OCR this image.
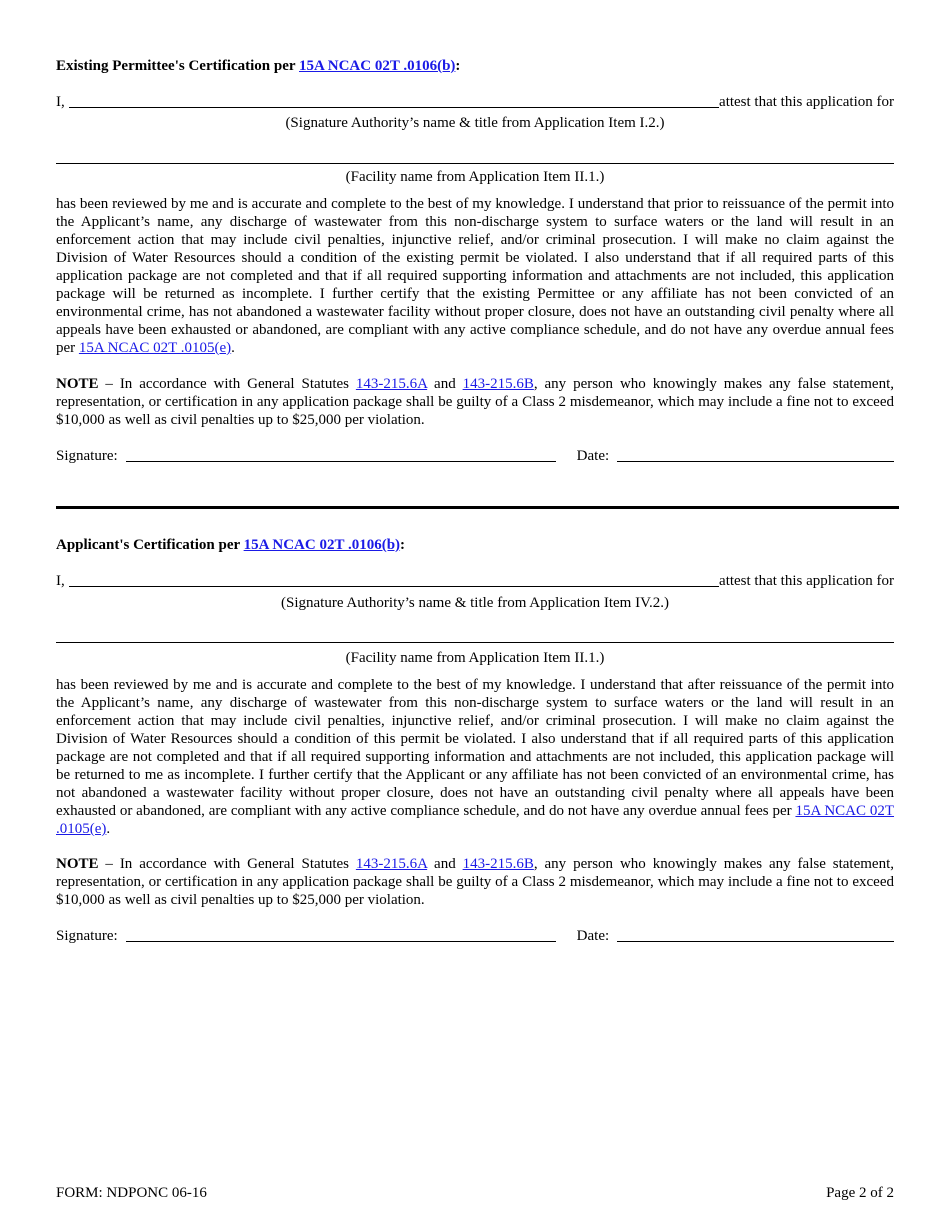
Existing Permittee's Certification per 15A NCAC 02T .0106(b):
I,	attest that this application for
(Signature Authority’s name & title from Application Item I.2.)
(Facility name from Application Item II.1.)
has been reviewed by me and is accurate and complete to the best of my knowledge. I understand that prior to reissuance of the permit into the Applicant’s name, any discharge of wastewater from this non-discharge system to surface waters or the land will result in an enforcement action that may include civil penalties, injunctive relief, and/or criminal prosecution. I will make no claim against the Division of Water Resources should a condition of the existing permit be violated. I also understand that if all required parts of this application package are not completed and that if all required supporting information and attachments are not included, this application package will be returned as incomplete. I further certify that the existing Permittee or any affiliate has not been convicted of an environmental crime, has not abandoned a wastewater facility without proper closure, does not have an outstanding civil penalty where all appeals have been exhausted or abandoned, are compliant with any active compliance schedule, and do not have any overdue annual fees per 15A NCAC 02T .0105(e).
NOTE – In accordance with General Statutes 143-215.6A and 143-215.6B, any person who knowingly makes any false statement, representation, or certification in any application package shall be guilty of a Class 2 misdemeanor, which may include a fine not to exceed $10,000 as well as civil penalties up to $25,000 per violation.
Signature:	Date:
Applicant's Certification per 15A NCAC 02T .0106(b):
I,	attest that this application for
(Signature Authority’s name & title from Application Item IV.2.)
(Facility name from Application Item II.1.)
has been reviewed by me and is accurate and complete to the best of my knowledge. I understand that after reissuance of the permit into the Applicant’s name, any discharge of wastewater from this non-discharge system to surface waters or the land will result in an enforcement action that may include civil penalties, injunctive relief, and/or criminal prosecution. I will make no claim against the Division of Water Resources should a condition of this permit be violated. I also understand that if all required parts of this application package are not completed and that if all required supporting information and attachments are not included, this application package will be returned to me as incomplete. I further certify that the Applicant or any affiliate has not been convicted of an environmental crime, has not abandoned a wastewater facility without proper closure, does not have an outstanding civil penalty where all appeals have been exhausted or abandoned, are compliant with any active compliance schedule, and do not have any overdue annual fees per 15A NCAC 02T .0105(e).
NOTE – In accordance with General Statutes 143-215.6A and 143-215.6B, any person who knowingly makes any false statement, representation, or certification in any application package shall be guilty of a Class 2 misdemeanor, which may include a fine not to exceed $10,000 as well as civil penalties up to $25,000 per violation.
Signature:	Date:
FORM: NDPONC 06-16	Page 2 of 2
